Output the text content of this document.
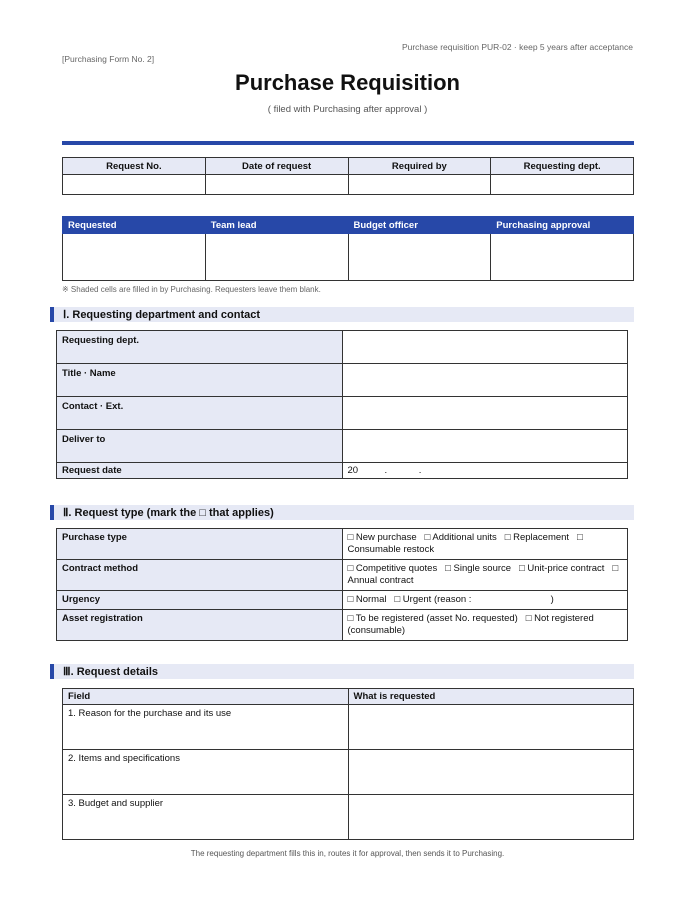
Purchase requisition PUR-02 · keep 5 years after acceptance
[Purchasing Form No. 2]
Purchase Requisition
( filed with Purchasing after approval )
Request No.	Date of request	Required by	Requesting dept.

Requested	Team lead	Budget officer	Purchasing approval

※ Shaded cells are filled in by Purchasing. Requesters leave them blank.
Ⅰ. Requesting department and contact
Requesting dept.	
Title · Name	
Contact · Ext.	
Deliver to	
Request date	20          .            .
Ⅱ. Request type (mark the □ that applies)
Purchase type	□ New purchase   □ Additional units   □ Replacement   □ Consumable restock
Contract method	□ Competitive quotes   □ Single source   □ Unit-price contract   □ Annual contract
Urgency	□ Normal   □ Urgent (reason :                              )
Asset registration	□ To be registered (asset No. requested)   □ Not registered (consumable)
Ⅲ. Request details
Field	What is requested
1. Reason for the purchase and its use	
2. Items and specifications	
3. Budget and supplier	
The requesting department fills this in, routes it for approval, then sends it to Purchasing.
